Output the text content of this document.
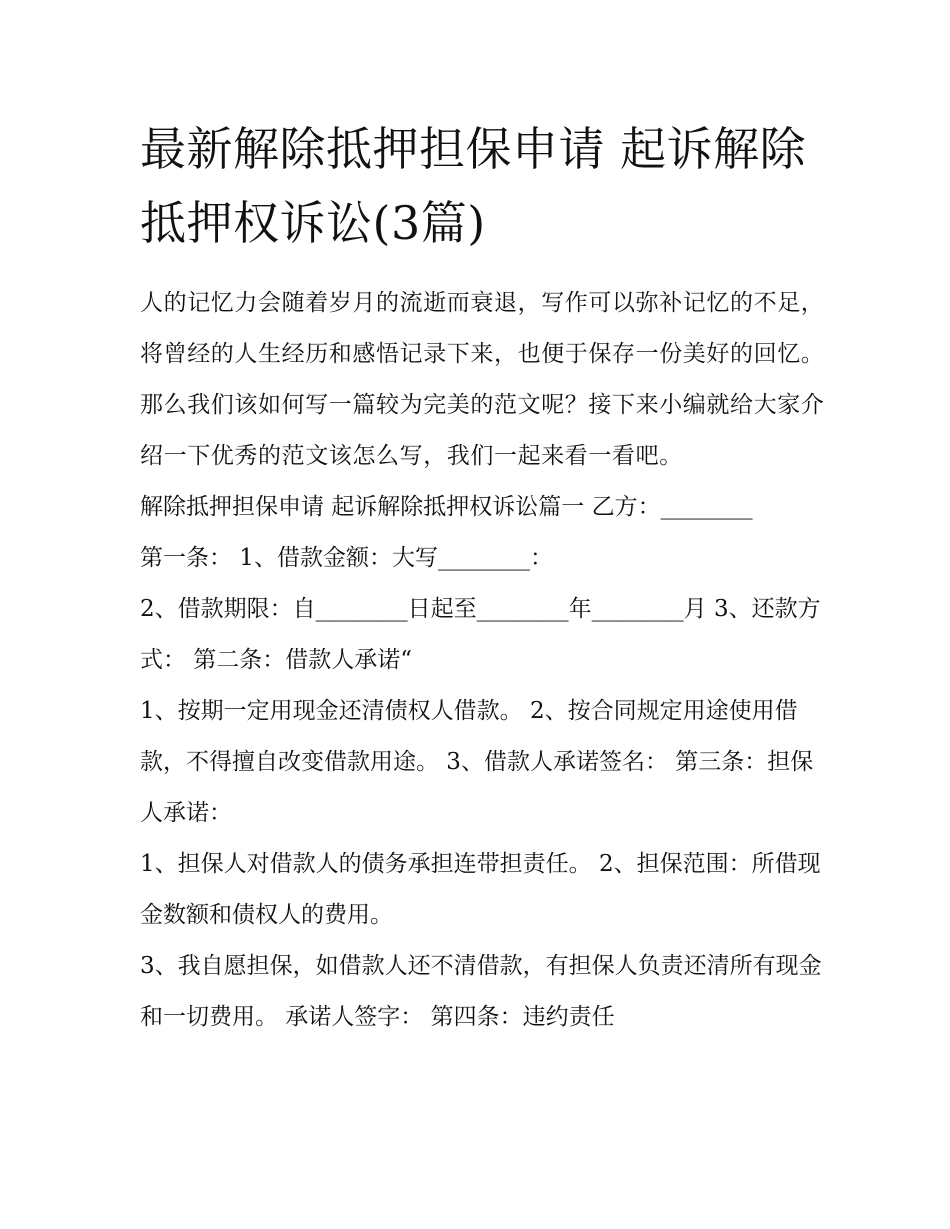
最新解除抵押担保申请 起诉解除抵押权诉讼(3篇)

人的记忆力会随着岁月的流逝而衰退，写作可以弥补记忆的不足，将曾经的人生经历和感悟记录下来，也便于保存一份美好的回忆。那么我们该如何写一篇较为完美的范文呢？接下来小编就给大家介绍一下优秀的范文该怎么写，我们一起来看一看吧。

解除抵押担保申请 起诉解除抵押权诉讼篇一 乙方：________

第一条： 1、借款金额：大写________：

2、借款期限：自________日起至________年________月 3、还款方式： 第二条：借款人承诺“

1、按期一定用现金还清债权人借款。 2、按合同规定用途使用借款，不得擅自改变借款用途。 3、借款人承诺签名： 第三条：担保人承诺：

1、担保人对借款人的债务承担连带担责任。 2、担保范围：所借现金数额和债权人的费用。

3、我自愿担保，如借款人还不清借款，有担保人负责还清所有现金和一切费用。 承诺人签字： 第四条：违约责任
